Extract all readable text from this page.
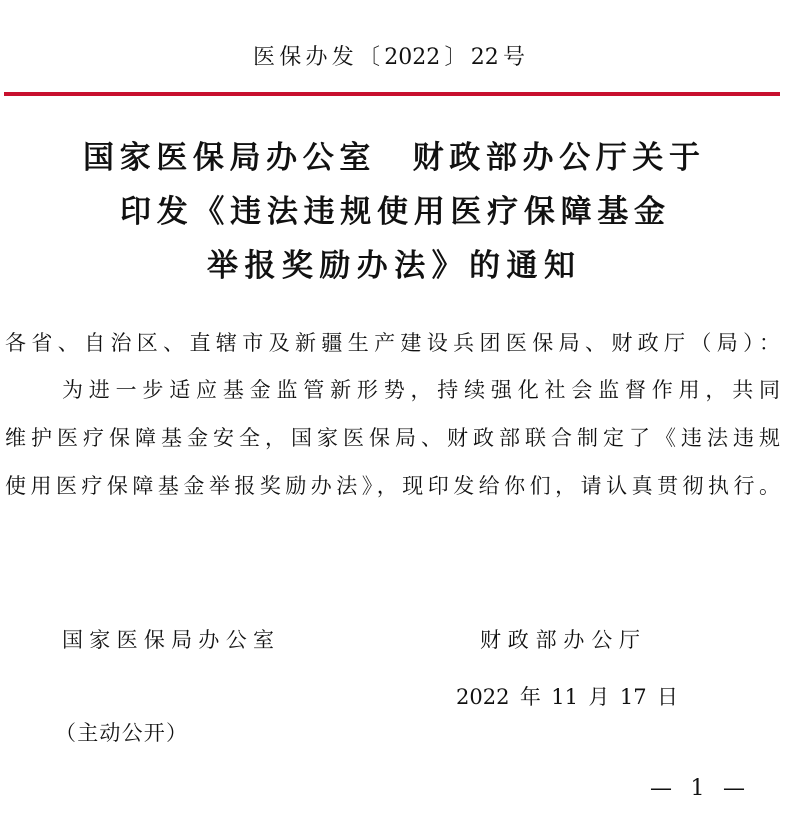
医保办发〔2022〕22号
国家医保局办公室　财政部办公厅关于
印发《违法违规使用医疗保障基金
举报奖励办法》的通知
各省、自治区、直辖市及新疆生产建设兵团医保局、财政厅（局）：
为进一步适应基金监管新形势，持续强化社会监督作用，共同
维护医疗保障基金安全，国家医保局、财政部联合制定了《违法违规
使用医疗保障基金举报奖励办法》，现印发给你们，请认真贯彻执行。
国家医保局办公室	财政部办公厅
2022年11月17日
（主动公开）
— 1 —
